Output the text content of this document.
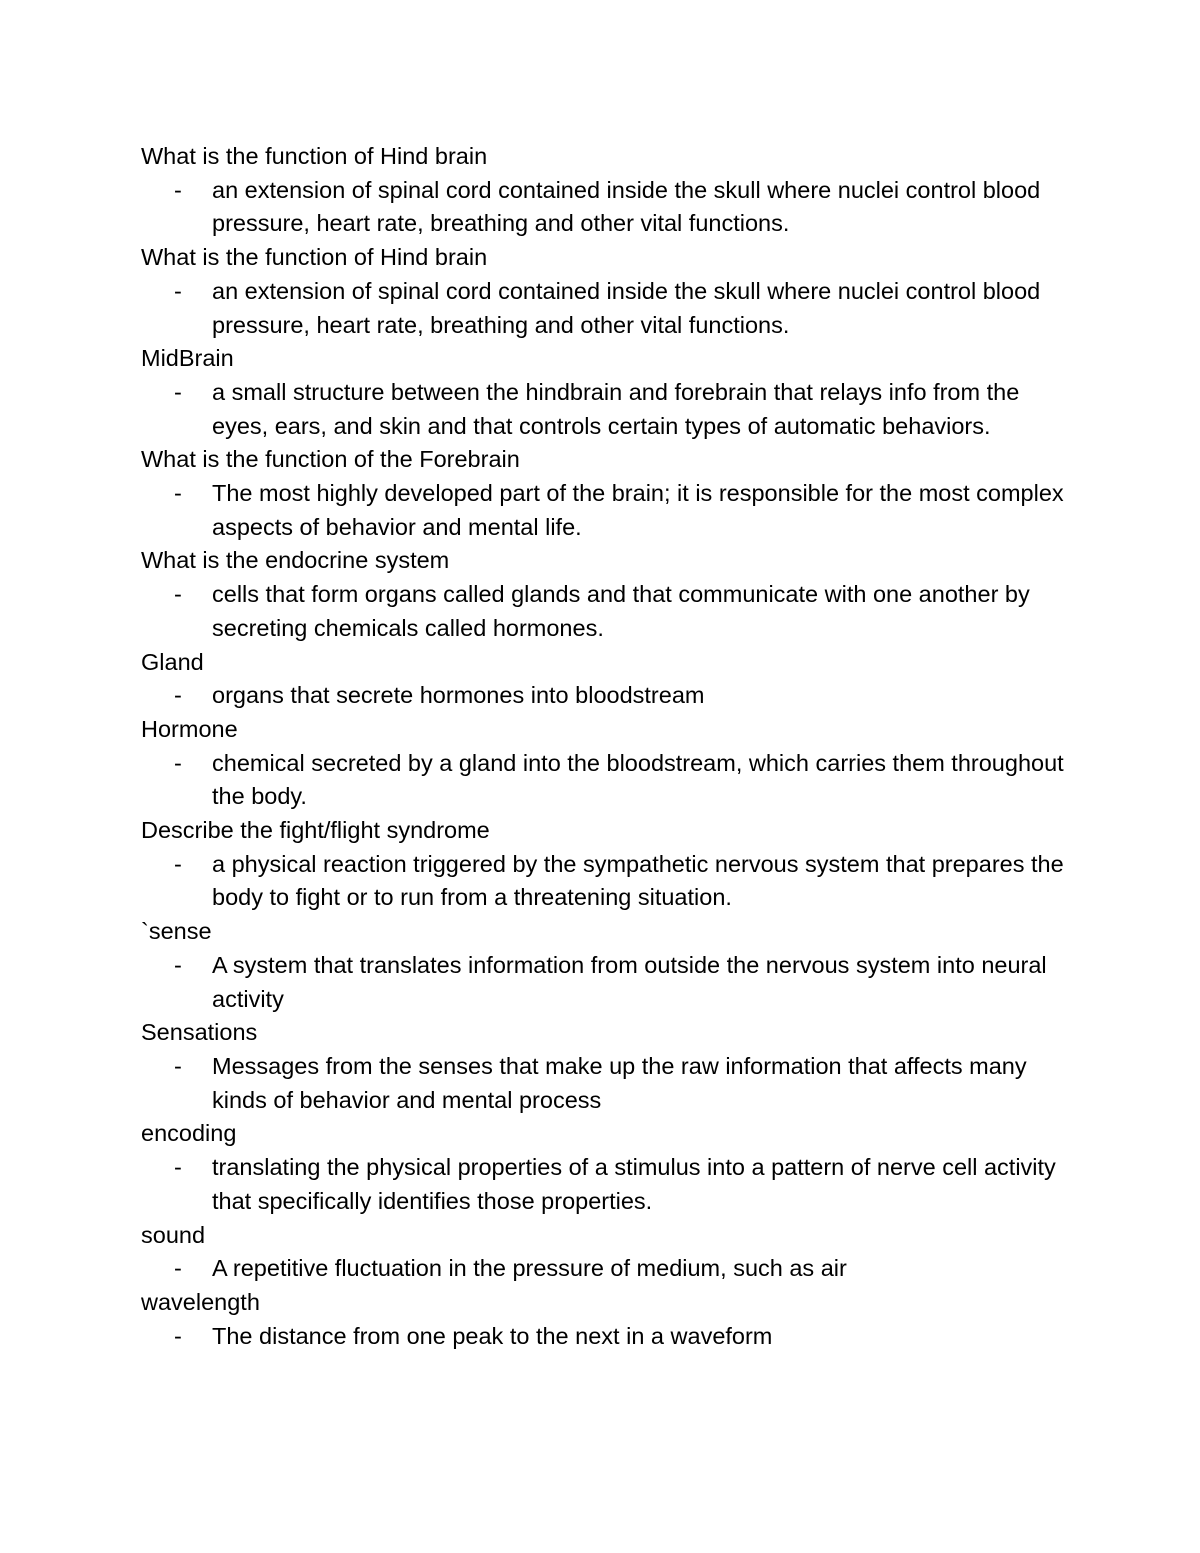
What is the function of Hind brain

- an extension of spinal cord contained inside the skull where nuclei control blood pressure, heart rate, breathing and other vital functions.

What is the function of Hind brain

- an extension of spinal cord contained inside the skull where nuclei control blood pressure, heart rate, breathing and other vital functions.

MidBrain

- a small structure between the hindbrain and forebrain that relays info from the eyes, ears, and skin and that controls certain types of automatic behaviors.

What is the function of the Forebrain

- The most highly developed part of the brain; it is responsible for the most complex aspects of behavior and mental life.

What is the endocrine system

- cells that form organs called glands and that communicate with one another by secreting chemicals called hormones.

Gland

- organs that secrete hormones into bloodstream

Hormone

- chemical secreted by a gland into the bloodstream, which carries them throughout the body.

Describe the fight/flight syndrome

- a physical reaction triggered by the sympathetic nervous system that prepares the body to fight or to run from a threatening situation.

`sense

- A system that translates information from outside the nervous system into neural activity

Sensations

- Messages from the senses that make up the raw information that affects many kinds of behavior and mental process

encoding

- translating the physical properties of a stimulus into a pattern of nerve cell activity that specifically identifies those properties.

sound

- A repetitive fluctuation in the pressure of medium, such as air

wavelength

- The distance from one peak to the next in a waveform
